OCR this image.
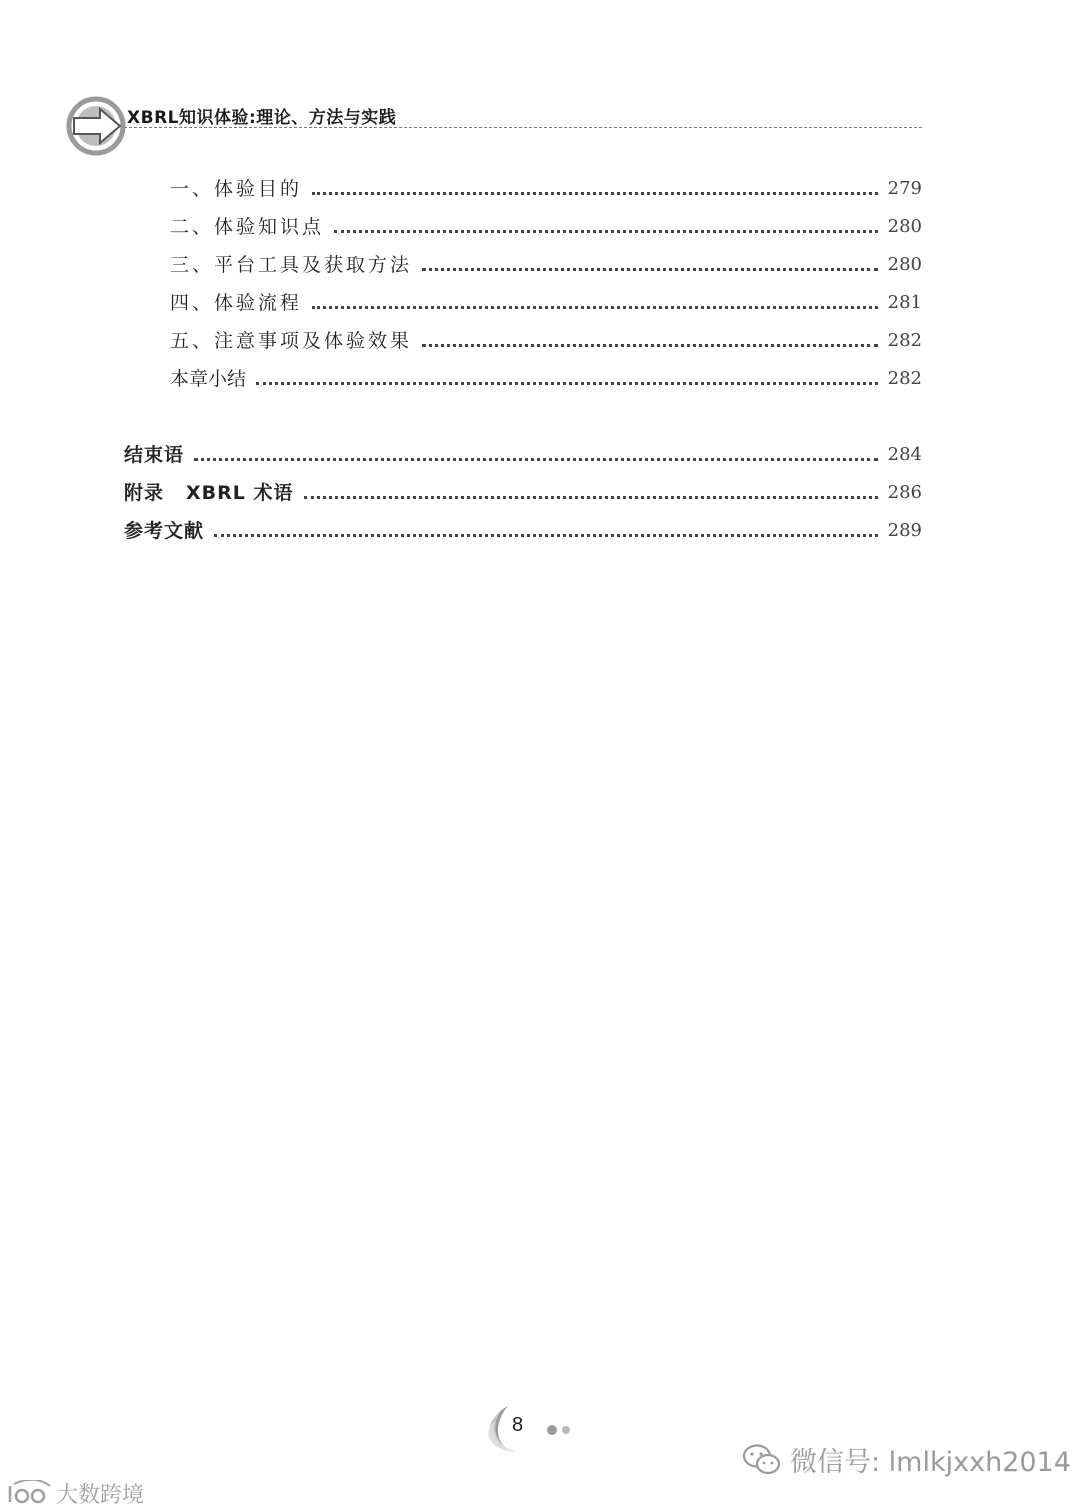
XBRL知识体验:理论、方法与实践
一、体验目的	279
二、体验知识点	280
三、平台工具及获取方法	280
四、体验流程	281
五、注意事项及体验效果	282
本章小结	282
结束语	284
附录 XBRL 术语	286
参考文献	289
8
微信号: lmlkjxxh2014
大数跨境
